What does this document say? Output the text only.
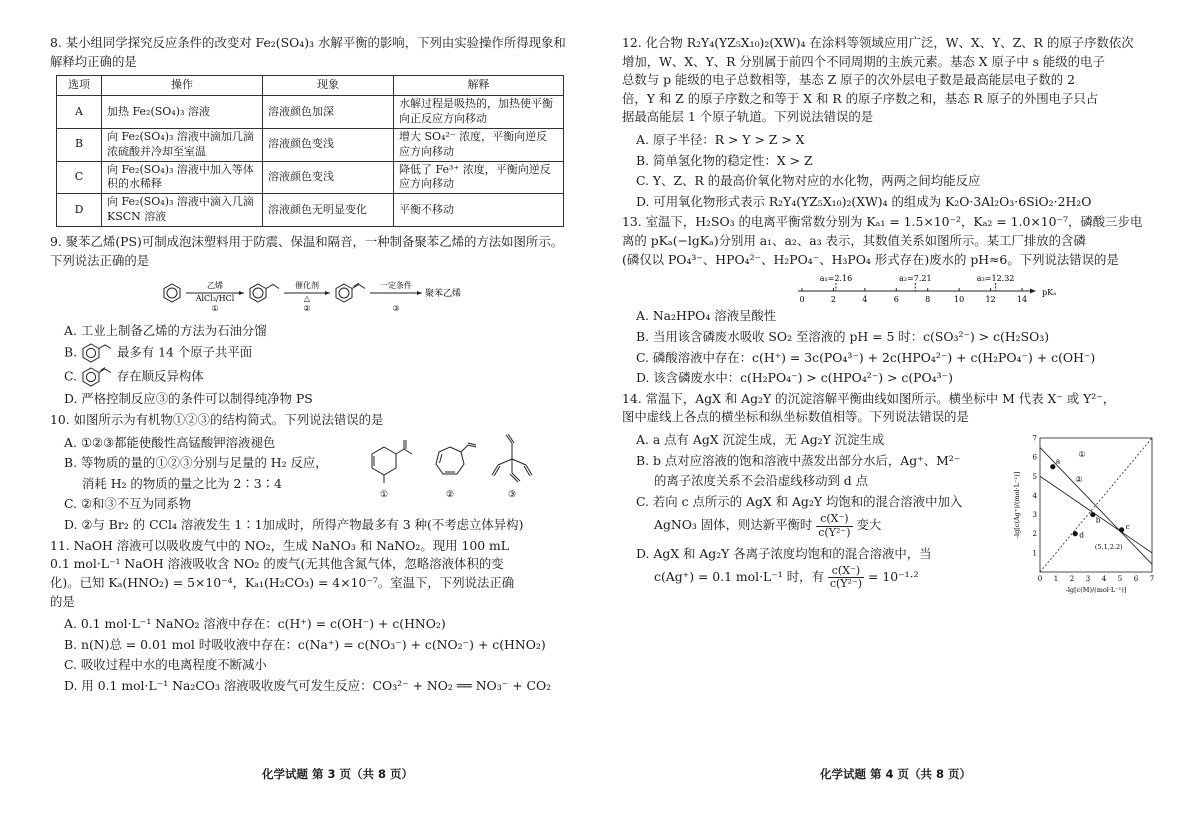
8. 某小组同学探究反应条件的改变对 Fe₂(SO₄)₃ 水解平衡的影响，下列由实验操作所得现象和解释均正确的是
选项	操作	现象	解释
A	加热 Fe₂(SO₄)₃ 溶液	溶液颜色加深	水解过程是吸热的，加热使平衡向正反应方向移动
B	向 Fe₂(SO₄)₃ 溶液中滴加几滴浓硫酸并冷却至室温	溶液颜色变浅	增大 SO₄²⁻ 浓度，平衡向逆反应方向移动
C	向 Fe₂(SO₄)₃ 溶液中加入等体积的水稀释	溶液颜色变浅	降低了 Fe³⁺ 浓度，平衡向逆反应方向移动
D	向 Fe₂(SO₄)₃ 溶液中滴入几滴 KSCN 溶液	溶液颜色无明显变化	平衡不移动
9. 聚苯乙烯(PS)可制成泡沫塑料用于防震、保温和隔音，一种制备聚苯乙烯的方法如图所示。下列说法正确的是
乙烯
AlCl₃/HCl
①
催化剂
△
②
一定条件
③
聚苯乙烯
A. 工业上制备乙烯的方法为石油分馏
B.	最多有 14 个原子共平面
C.	存在顺反异构体
D. 严格控制反应③的条件可以制得纯净物 PS
10. 如图所示为有机物①②③的结构简式。下列说法错误的是
A. ①②③都能使酸性高锰酸钾溶液褪色
B. 等物质的量的①②③分别与足量的 H₂ 反应，
消耗 H₂ 的物质的量之比为 2∶3∶4
C. ②和③不互为同系物
D. ②与 Br₂ 的 CCl₄ 溶液发生 1∶1加成时，所得产物最多有 3 种(不考虑立体异构)
①	②	③
11. NaOH 溶液可以吸收废气中的 NO₂，生成 NaNO₃ 和 NaNO₂。现用 100 mL
0.1 mol·L⁻¹ NaOH 溶液吸收含 NO₂ 的废气(无其他含氮气体，忽略溶液体积的变
化)。已知 Kₐ(HNO₂) = 5×10⁻⁴，Kₐ₁(H₂CO₃) = 4×10⁻⁷。室温下，下列说法正确
的是
A. 0.1 mol·L⁻¹ NaNO₂ 溶液中存在：c(H⁺) = c(OH⁻) + c(HNO₂)
B. n(N)总 = 0.01 mol 时吸收液中存在：c(Na⁺) = c(NO₃⁻) + c(NO₂⁻) + c(HNO₂)
C. 吸收过程中水的电离程度不断减小
D. 用 0.1 mol·L⁻¹ Na₂CO₃ 溶液吸收废气可发生反应：CO₃²⁻ + NO₂ ══ NO₃⁻ + CO₂
12. 化合物 R₂Y₄(YZ₅X₁₀)₂(XW)₄ 在涂料等领域应用广泛，W、X、Y、Z、R 的原子序数依次
增加，W、X、Y、R 分别属于前四个不同周期的主族元素。基态 X 原子中 s 能级的电子
总数与 p 能级的电子总数相等，基态 Z 原子的次外层电子数是最高能层电子数的 2
倍，Y 和 Z 的原子序数之和等于 X 和 R 的原子序数之和，基态 R 原子的外围电子只占
据最高能层 1 个原子轨道。下列说法错误的是
A. 原子半径：R > Y > Z > X
B. 简单氢化物的稳定性：X > Z
C. Y、Z、R 的最高价氧化物对应的水化物，两两之间均能反应
D. 可用氧化物形式表示 R₂Y₄(YZ₅X₁₀)₂(XW)₄ 的组成为 K₂O·3Al₂O₃·6SiO₂·2H₂O
13. 室温下，H₂SO₃ 的电离平衡常数分别为 Kₐ₁ = 1.5×10⁻²，Kₐ₂ = 1.0×10⁻⁷，磷酸三步电
离的 pKₐ(−lgKₐ)分别用 a₁、a₂、a₃ 表示，其数值关系如图所示。某工厂排放的含磷
(磷仅以 PO₄³⁻、HPO₄²⁻、H₂PO₄⁻、H₃PO₄ 形式存在)废水的 pH≈6。下列说法错误的是
0	2	4	6	8	10	12	14
a₁=2.16	a₂=7.21	a₃=12.32
pKₐ
A. Na₂HPO₄ 溶液呈酸性
B. 当用该含磷废水吸收 SO₂ 至溶液的 pH = 5 时：c(SO₃²⁻) > c(H₂SO₃)
C. 磷酸溶液中存在：c(H⁺) = 3c(PO₄³⁻) + 2c(HPO₄²⁻) + c(H₂PO₄⁻) + c(OH⁻)
D. 该含磷废水中：c(H₂PO₄⁻) > c(HPO₄²⁻) > c(PO₄³⁻)
14. 常温下，AgX 和 Ag₂Y 的沉淀溶解平衡曲线如图所示。横坐标中 M 代表 X⁻ 或 Y²⁻，
图中虚线上各点的横坐标和纵坐标数值相等。下列说法错误的是
A. a 点有 AgX 沉淀生成，无 Ag₂Y 沉淀生成
B. b 点对应溶液的饱和溶液中蒸发出部分水后，Ag⁺、M²⁻
的离子浓度关系不会沿虚线移动到 d 点
C. 若向 c 点所示的 AgX 和 Ag₂Y 均饱和的混合溶液中加入
AgNO₃ 固体，则达新平衡时 $\frac{c(X^-)}{\text{c(Y²⁻)}}$ 变大
D. AgX 和 Ag₂Y 各离子浓度均饱和的混合溶液中，当
c(Ag⁺) = 0.1 mol·L⁻¹ 时，有 $\frac{c(X^-)}{\text{c(Y²⁻)}} = 10^{-1}\cdot^2$	0 1 2 3 4 5 6 7
1
2
3
4
5
6
7
-lg[c(M)/(mol·L⁻¹)]
-lg[c(Ag⁺)/(mol·L⁻¹)]
①
②
a
b
c
d
(5.1,2.2)
化学试题 第 3 页（共 8 页）	化学试题 第 4 页（共 8 页）
